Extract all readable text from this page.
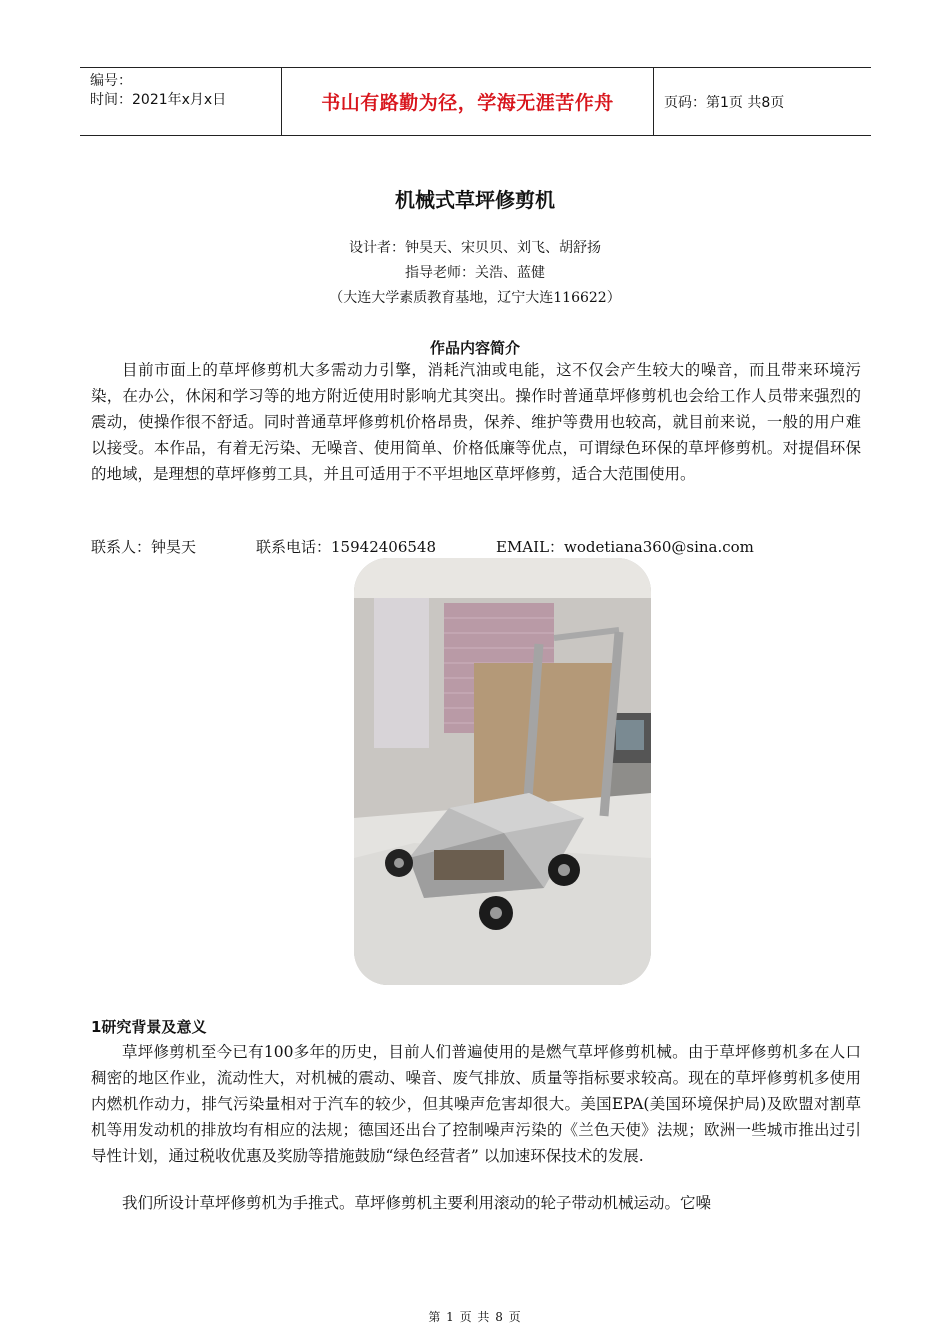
编号：
时间：2021年x月x日	书山有路勤为径，学海无涯苦作舟	页码：第1页 共8页
机械式草坪修剪机
设计者：钟昊天、宋贝贝、刘飞、胡舒扬
指导老师：关浩、蓝健
（大连大学素质教育基地，辽宁大连116622）
作品内容简介

目前市面上的草坪修剪机大多需动力引擎，消耗汽油或电能，这不仅会产生较大的噪音，而且带来环境污染，在办公，休闲和学习等的地方附近使用时影响尤其突出。操作时普通草坪修剪机也会给工作人员带来强烈的震动，使操作很不舒适。同时普通草坪修剪机价格昂贵，保养、维护等费用也较高，就目前来说，一般的用户难以接受。本作品，有着无污染、无噪音、使用简单、价格低廉等优点，可谓绿色环保的草坪修剪机。对提倡环保的地域，是理想的草坪修剪工具，并且可适用于不平坦地区草坪修剪，适合大范围使用。

联系人：钟昊天	联系电话：15942406548	EMAIL：wodetiana360@sina.com
1研究背景及意义

草坪修剪机至今已有100多年的历史，目前人们普遍使用的是燃气草坪修剪机械。由于草坪修剪机多在人口稠密的地区作业，流动性大，对机械的震动、噪音、废气排放、质量等指标要求较高。现在的草坪修剪机多使用内燃机作动力，排气污染量相对于汽车的较少，但其噪声危害却很大。美国EPA(美国环境保护局)及欧盟对割草机等用发动机的排放均有相应的法规；德国还出台了控制噪声污染的《兰色天使》法规；欧洲一些城市推出过引导性计划，通过税收优惠及奖励等措施鼓励“绿色经营者” 以加速环保技术的发展.

我们所设计草坪修剪机为手推式。草坪修剪机主要利用滚动的轮子带动机械运动。它噪

第 1 页 共 8 页
